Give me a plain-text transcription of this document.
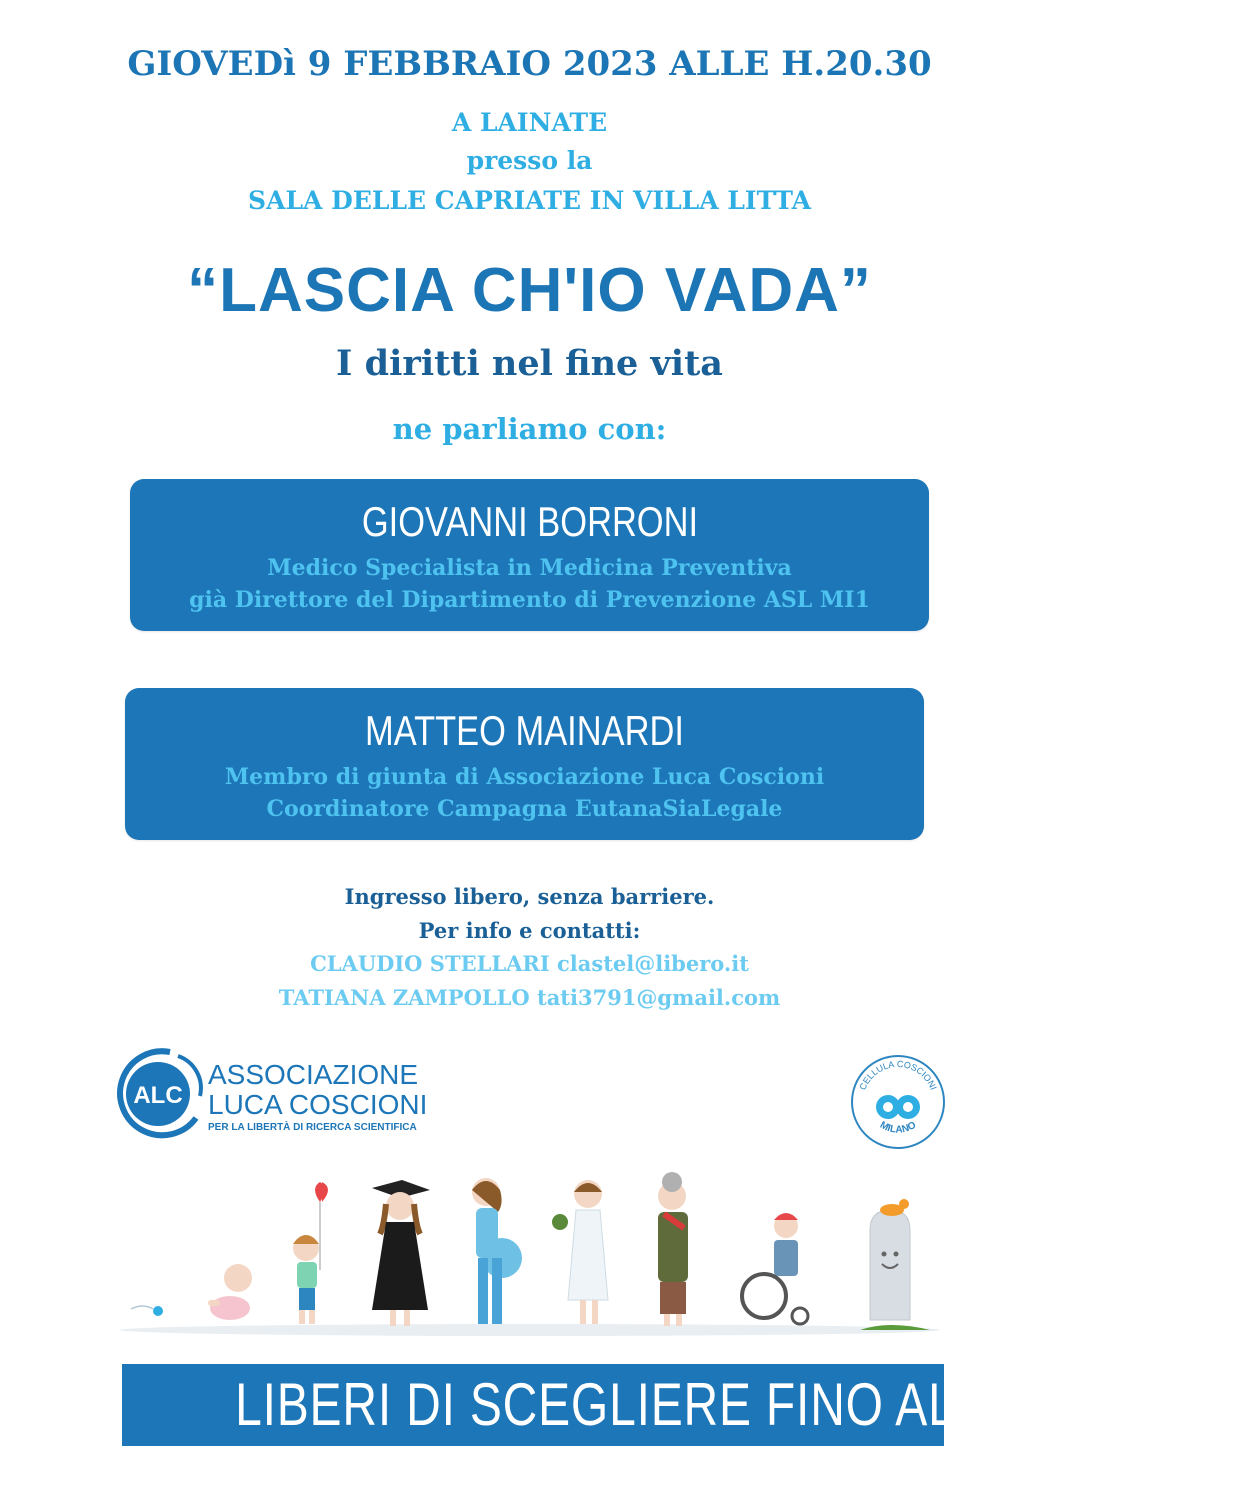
GIOVEDì 9 FEBBRAIO 2023 ALLE H.20.30
A LAINATE
presso la
SALA DELLE CAPRIATE IN VILLA LITTA
“LASCIA CH'IO VADA”
I diritti nel fine vita
ne parliamo con:
GIOVANNI BORRONI
Medico Specialista in Medicina Preventiva
già Direttore del Dipartimento di Prevenzione ASL MI1
MATTEO MAINARDI
Membro di giunta di Associazione Luca Coscioni
Coordinatore Campagna EutanaSiaLegale
Ingresso libero, senza barriere.
Per info e contatti:
CLAUDIO STELLARI clastel@libero.it
TATIANA ZAMPOLLO tati3791@gmail.com
ALC
ASSOCIAZIONE
LUCA COSCIONI
PER LA LIBERTÀ DI RICERCA SCIENTIFICA
CELLULA COSCIONI
MILANO
LIBERI DI SCEGLIERE FINO ALLA FINE
